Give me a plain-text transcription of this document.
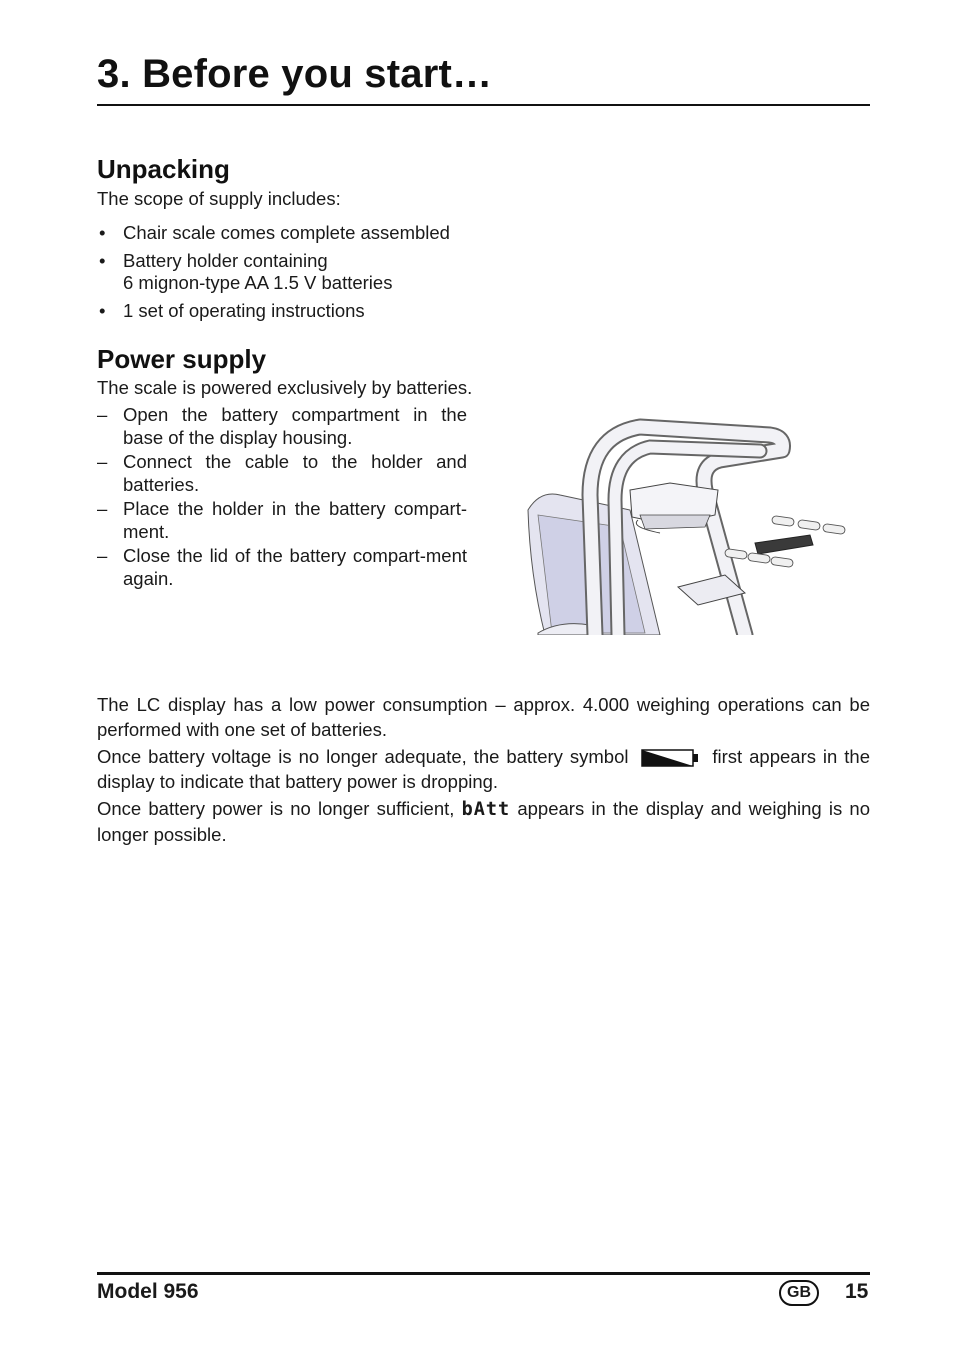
3. Before you start…
Unpacking

The scope of supply includes:

• Chair scale comes complete assembled
• Battery holder containing
6 mignon-type AA 1.5 V batteries
• 1 set of operating instructions
Power supply

The scale is powered exclusively by batteries.

– Open the battery compartment in the base of the display housing.
– Connect the cable to the holder and batteries.
– Place the holder in the battery compart-ment.
– Close the lid of the battery compart-ment again.

The LC display has a low power consumption – approx. 4.000 weighing operations can be performed with one set of batteries.

Once battery voltage is no longer adequate, the battery symbol	first appears in the display to indicate that battery power is dropping.

Once battery power is no longer sufficient, bAtt appears in the display and weighing is no longer possible.

Model 956	GB	15
